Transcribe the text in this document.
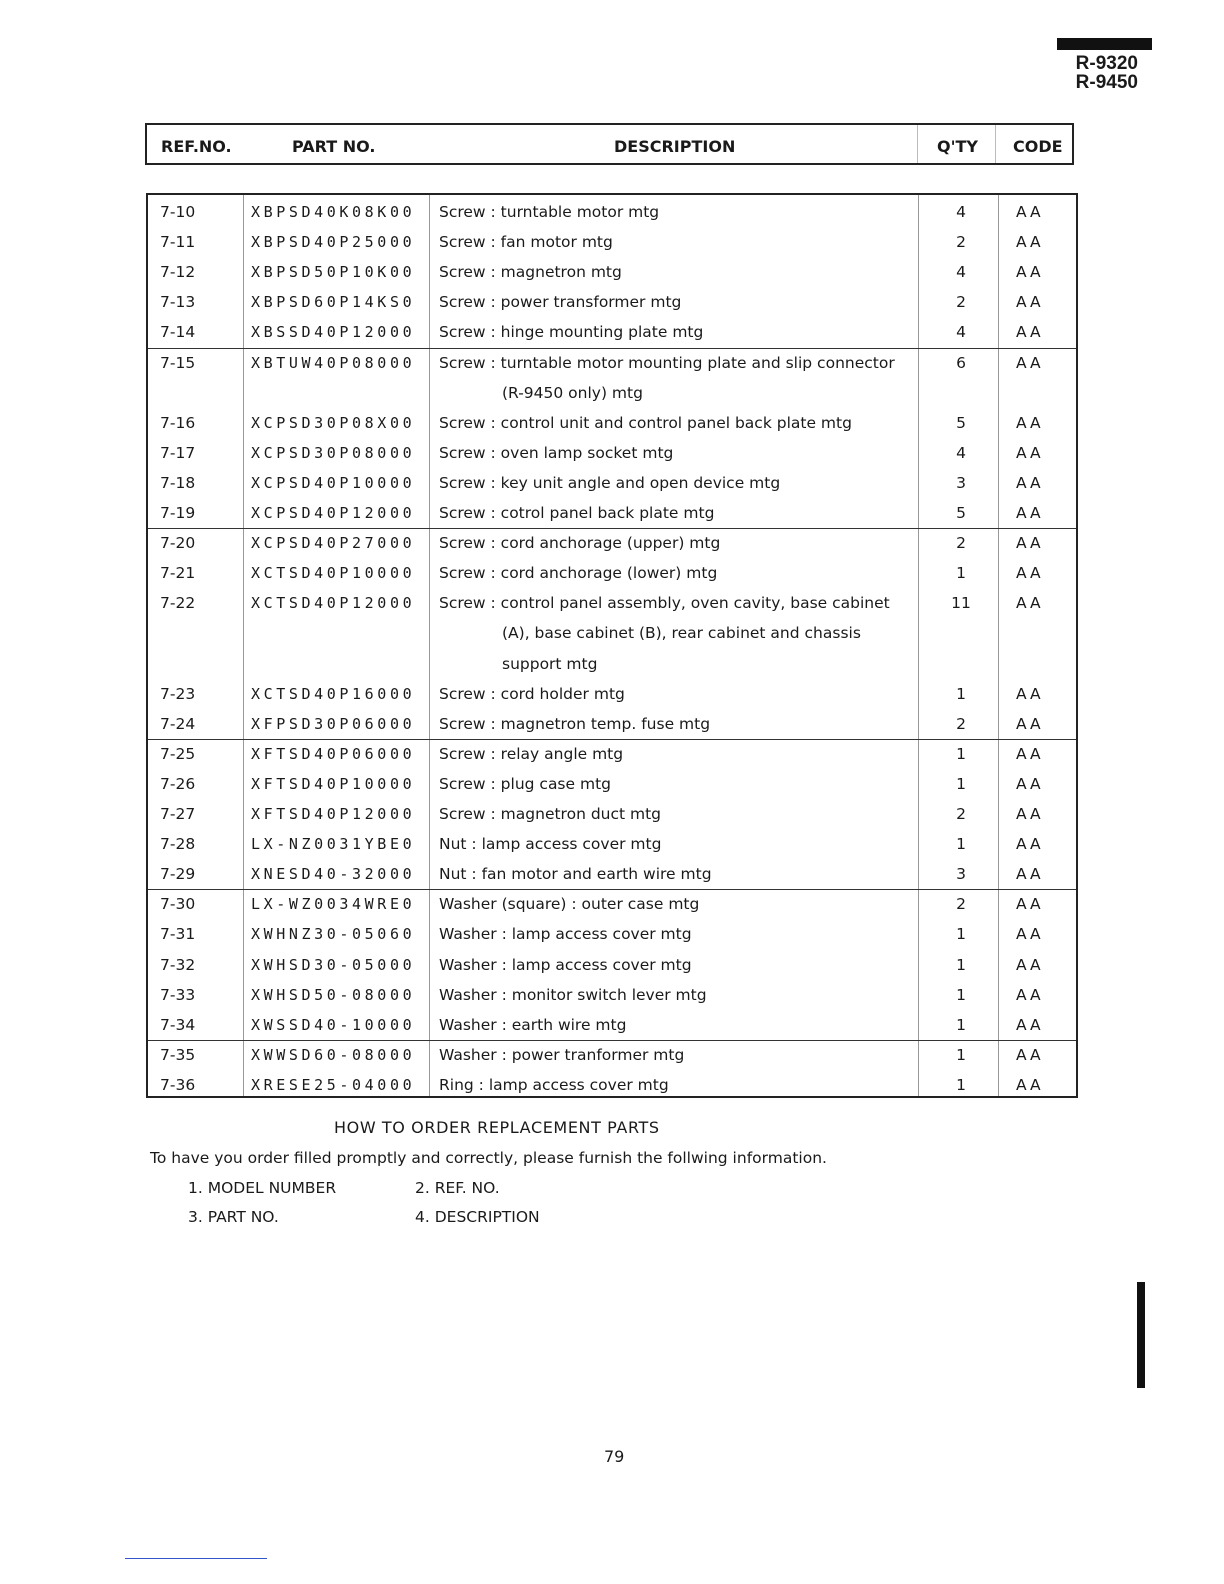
R-9320
R-9450
REF.NO.	PART NO.	DESCRIPTION	Q'TY CODE
7-10	XBPSD40K08K00 Screw : turntable motor mtg	4	AA
7-11	XBPSD40P25000 Screw : fan motor mtg	2	AA
7-12	XBPSD50P10K00 Screw : magnetron mtg	4	AA
7-13	XBPSD60P14KS0 Screw : power transformer mtg	2	AA
7-14	XBSSD40P12000 Screw : hinge mounting plate mtg	4	AA
7-15	XBTUW40P08000 Screw : turntable motor mounting plate and slip connector	6	AA
(R-9450 only) mtg
7-16	XCPSD30P08X00 Screw : control unit and control panel back plate mtg	5	AA
7-17	XCPSD30P08000 Screw : oven lamp socket mtg	4	AA
7-18	XCPSD40P10000 Screw : key unit angle and open device mtg	3	AA
7-19	XCPSD40P12000 Screw : cotrol panel back plate mtg	5	AA
7-20	XCPSD40P27000 Screw : cord anchorage (upper) mtg	2	AA
7-21	XCTSD40P10000 Screw : cord anchorage (lower) mtg	1	AA
7-22	XCTSD40P12000 Screw : control panel assembly, oven cavity, base cabinet	11	AA
(A), base cabinet (B), rear cabinet and chassis
support mtg
7-23	XCTSD40P16000 Screw : cord holder mtg	1	AA
7-24	XFPSD30P06000 Screw : magnetron temp. fuse mtg	2	AA
7-25	XFTSD40P06000 Screw : relay angle mtg	1	AA
7-26	XFTSD40P10000 Screw : plug case mtg	1	AA
7-27	XFTSD40P12000 Screw : magnetron duct mtg	2	AA
7-28	LX-NZ0031YBE0 Nut : lamp access cover mtg	1	AA
7-29	XNESD40-32000 Nut : fan motor and earth wire mtg	3	AA
7-30	LX-WZ0034WRE0 Washer (square) : outer case mtg	2	AA
7-31	XWHNZ30-05060 Washer : lamp access cover mtg	1	AA
7-32	XWHSD30-05000 Washer : lamp access cover mtg	1	AA
7-33	XWHSD50-08000 Washer : monitor switch lever mtg	1	AA
7-34	XWSSD40-10000 Washer : earth wire mtg	1	AA
7-35	XWWSD60-08000 Washer : power tranformer mtg	1	AA
7-36	XRESE25-04000 Ring : lamp access cover mtg	1	AA
HOW TO ORDER REPLACEMENT PARTS
To have you order filled promptly and correctly, please furnish the follwing information.
1. MODEL NUMBER	2. REF. NO.
3. PART NO.	4. DESCRIPTION
79
